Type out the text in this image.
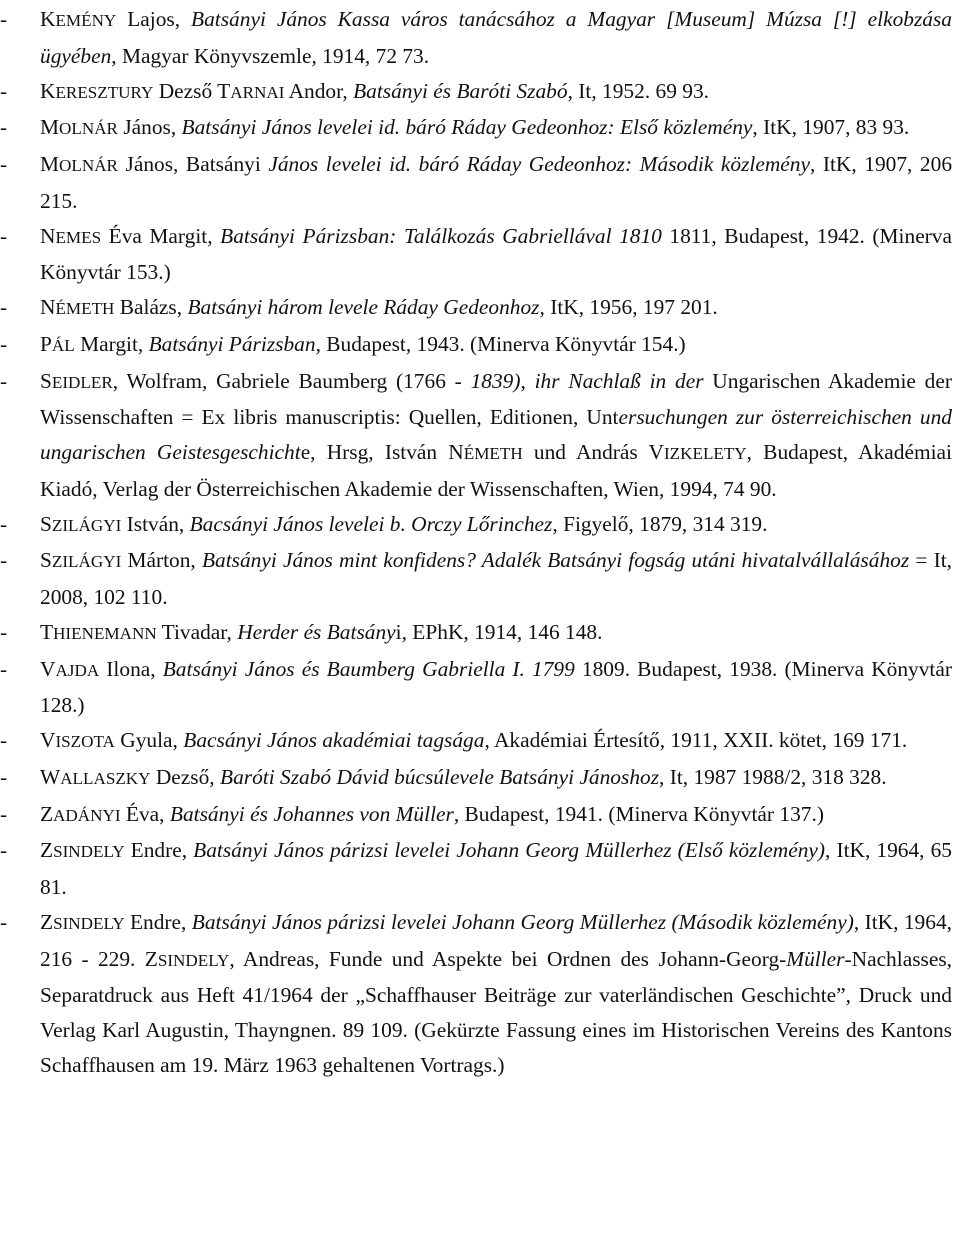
- KEMÉNY Lajos, Batsányi János Kassa város tanácsához a Magyar [Museum] Múzsa [!] elkobzása ügyében, Magyar Könyvszemle, 1914, 72 73.
- KERESZTURY Dezső TARNAI Andor, Batsányi és Baróti Szabó, It, 1952. 69 93.
- MOLNÁR János, Batsányi János levelei id. báró Ráday Gedeonhoz: Első közlemény, ItK, 1907, 83 93.
- MOLNÁR János, Batsányi János levelei id. báró Ráday Gedeonhoz: Második közlemény, ItK, 1907, 206 215.
- NEMES Éva Margit, Batsányi Párizsban: Találkozás Gabriellával 1810 1811, Budapest, 1942. (Minerva Könyvtár 153.)
- NÉMETH Balázs, Batsányi három levele Ráday Gedeonhoz, ItK, 1956, 197 201.
- PÁL Margit, Batsányi Párizsban, Budapest, 1943. (Minerva Könyvtár 154.)
- SEIDLER, Wolfram, Gabriele Baumberg (1766 - 1839), ihr Nachlaß in der Ungarischen Akademie der Wissenschaften = Ex libris manuscriptis: Quellen, Editionen, Untersuchungen zur österreichischen und ungarischen Geistesgeschichte, Hrsg, István NÉMETH und András VIZKELETY, Budapest, Akadémiai Kiadó, Verlag der Österreichischen Akademie der Wissenschaften, Wien, 1994, 74 90.
- SZILÁGYI István, Bacsányi János levelei b. Orczy Lőrinchez, Figyelő, 1879, 314 319.
- SZILÁGYI Márton, Batsányi János mint konfidens? Adalék Batsányi fogság utáni hivatalvállalásához = It, 2008, 102 110.
- THIENEMANN Tivadar, Herder és Batsányi, EPhK, 1914, 146 148.
- VAJDA Ilona, Batsányi János és Baumberg Gabriella I. 1799 1809. Budapest, 1938. (Minerva Könyvtár 128.)
- VISZOTA Gyula, Bacsányi János akadémiai tagsága, Akadémiai Értesítő, 1911, XXII. kötet, 169 171.
- WALLASZKY Dezső, Baróti Szabó Dávid búcsúlevele Batsányi Jánoshoz, It, 1987 1988/2, 318 328.
- ZADÁNYI Éva, Batsányi és Johannes von Müller, Budapest, 1941. (Minerva Könyvtár 137.)
- ZSINDELY Endre, Batsányi János párizsi levelei Johann Georg Müllerhez (Első közlemény), ItK, 1964, 65 81.
- ZSINDELY Endre, Batsányi János párizsi levelei Johann Georg Müllerhez (Második közlemény), ItK, 1964, 216 - 229. ZSINDELY, Andreas, Funde und Aspekte bei Ordnen des Johann-Georg-Müller-Nachlasses, Separatdruck aus Heft 41/1964 der „Schaffhauser Beiträge zur vaterländischen Geschichte”, Druck und Verlag Karl Augustin, Thayngnen. 89 109. (Gekürzte Fassung eines im Historischen Vereins des Kantons Schaffhausen am 19. März 1963 gehaltenen Vortrags.)
